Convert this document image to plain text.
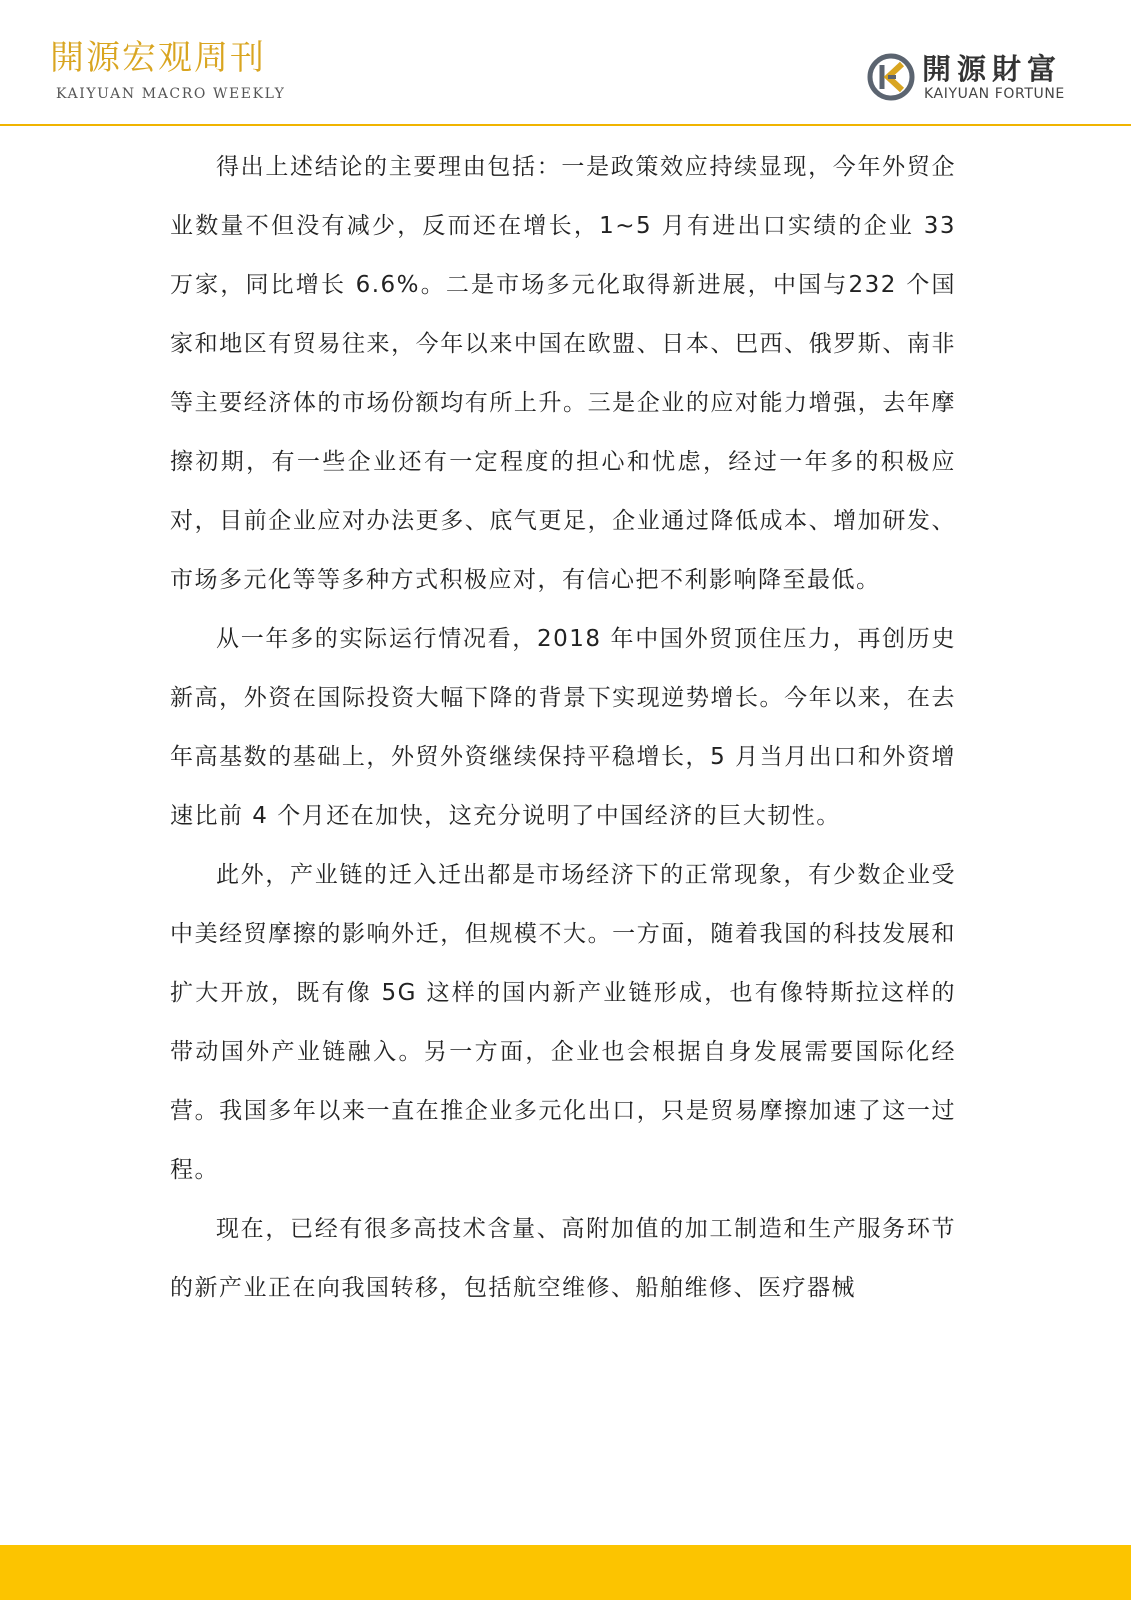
開源宏观周刊
KAIYUAN MACRO WEEKLY
開源財富
KAIYUAN FORTUNE

得出上述结论的主要理由包括：一是政策效应持续显现，今年外贸企业数量不但没有减少，反而还在增长，1~5 月有进出口实绩的企业 33 万家，同比增长 6.6%。二是市场多元化取得新进展，中国与232 个国家和地区有贸易往来，今年以来中国在欧盟、日本、巴西、俄罗斯、南非等主要经济体的市场份额均有所上升。三是企业的应对能力增强，去年摩擦初期，有一些企业还有一定程度的担心和忧虑，经过一年多的积极应对，目前企业应对办法更多、底气更足，企业通过降低成本、增加研发、市场多元化等等多种方式积极应对，有信心把不利影响降至最低。

从一年多的实际运行情况看，2018 年中国外贸顶住压力，再创历史新高，外资在国际投资大幅下降的背景下实现逆势增长。今年以来，在去年高基数的基础上，外贸外资继续保持平稳增长，5 月当月出口和外资增速比前 4 个月还在加快，这充分说明了中国经济的巨大韧性。

此外，产业链的迁入迁出都是市场经济下的正常现象，有少数企业受中美经贸摩擦的影响外迁，但规模不大。一方面，随着我国的科技发展和扩大开放，既有像 5G 这样的国内新产业链形成，也有像特斯拉这样的带动国外产业链融入。另一方面，企业也会根据自身发展需要国际化经营。我国多年以来一直在推企业多元化出口，只是贸易摩擦加速了这一过程。

现在，已经有很多高技术含量、高附加值的加工制造和生产服务环节的新产业正在向我国转移，包括航空维修、船舶维修、医疗器械
